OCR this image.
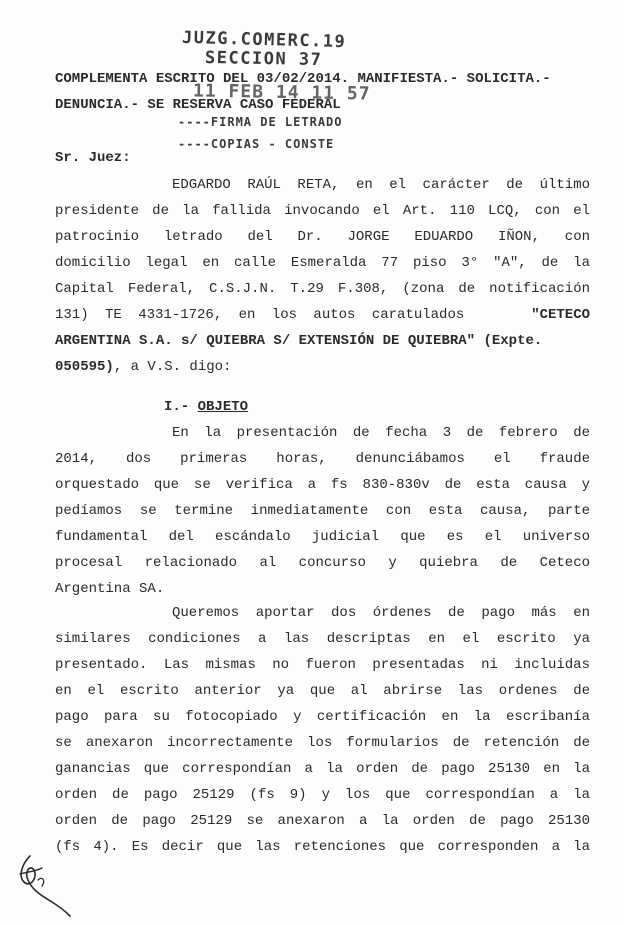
JUZG.COMERC.19
SECCION 37
11 FEB 14 11 57
----FIRMA DE LETRADO
----COPIAS - CONSTE
COMPLEMENTA ESCRITO DEL 03/02/2014. MANIFIESTA.- SOLICITA.-
DENUNCIA.- SE RESERVA CASO FEDERAL
Sr. Juez:
EDGARDO RAÚL RETA, en el carácter de último
presidente de la fallida invocando el Art. 110 LCQ, con el
patrocinio letrado del Dr. JORGE EDUARDO IÑON, con
domicilio legal en calle Esmeralda 77 piso 3° "A", de la
Capital Federal, C.S.J.N. T.29 F.308, (zona de notificación
131) TE 4331-1726, en los autos caratulados	"CETECO
ARGENTINA S.A. s/ QUIEBRA S/ EXTENSIÓN DE QUIEBRA" (Expte.
050595), a V.S. digo:
I.- OBJETO
En la presentación de fecha 3 de febrero de
2014, dos primeras horas, denunciábamos el fraude
orquestado que se verifica a fs 830-830v de esta causa y
pedíamos se termine inmediatamente con esta causa, parte
fundamental del escándalo judicial que es el universo
procesal relacionado al concurso y quiebra de Ceteco
Argentina SA.
Queremos aportar dos órdenes de pago más en
similares condiciones a las descriptas en el escrito ya
presentado. Las mismas no fueron presentadas ni incluidas
en el escrito anterior ya que al abrirse las ordenes de
pago para su fotocopiado y certificación en la escribanía
se anexaron incorrectamente los formularios de retención de
ganancias que correspondían a la orden de pago 25130 en la
orden de pago 25129 (fs 9) y los que correspondían a la
orden de pago 25129 se anexaron a la orden de pago 25130
(fs 4). Es decir que las retenciones que corresponden a la
